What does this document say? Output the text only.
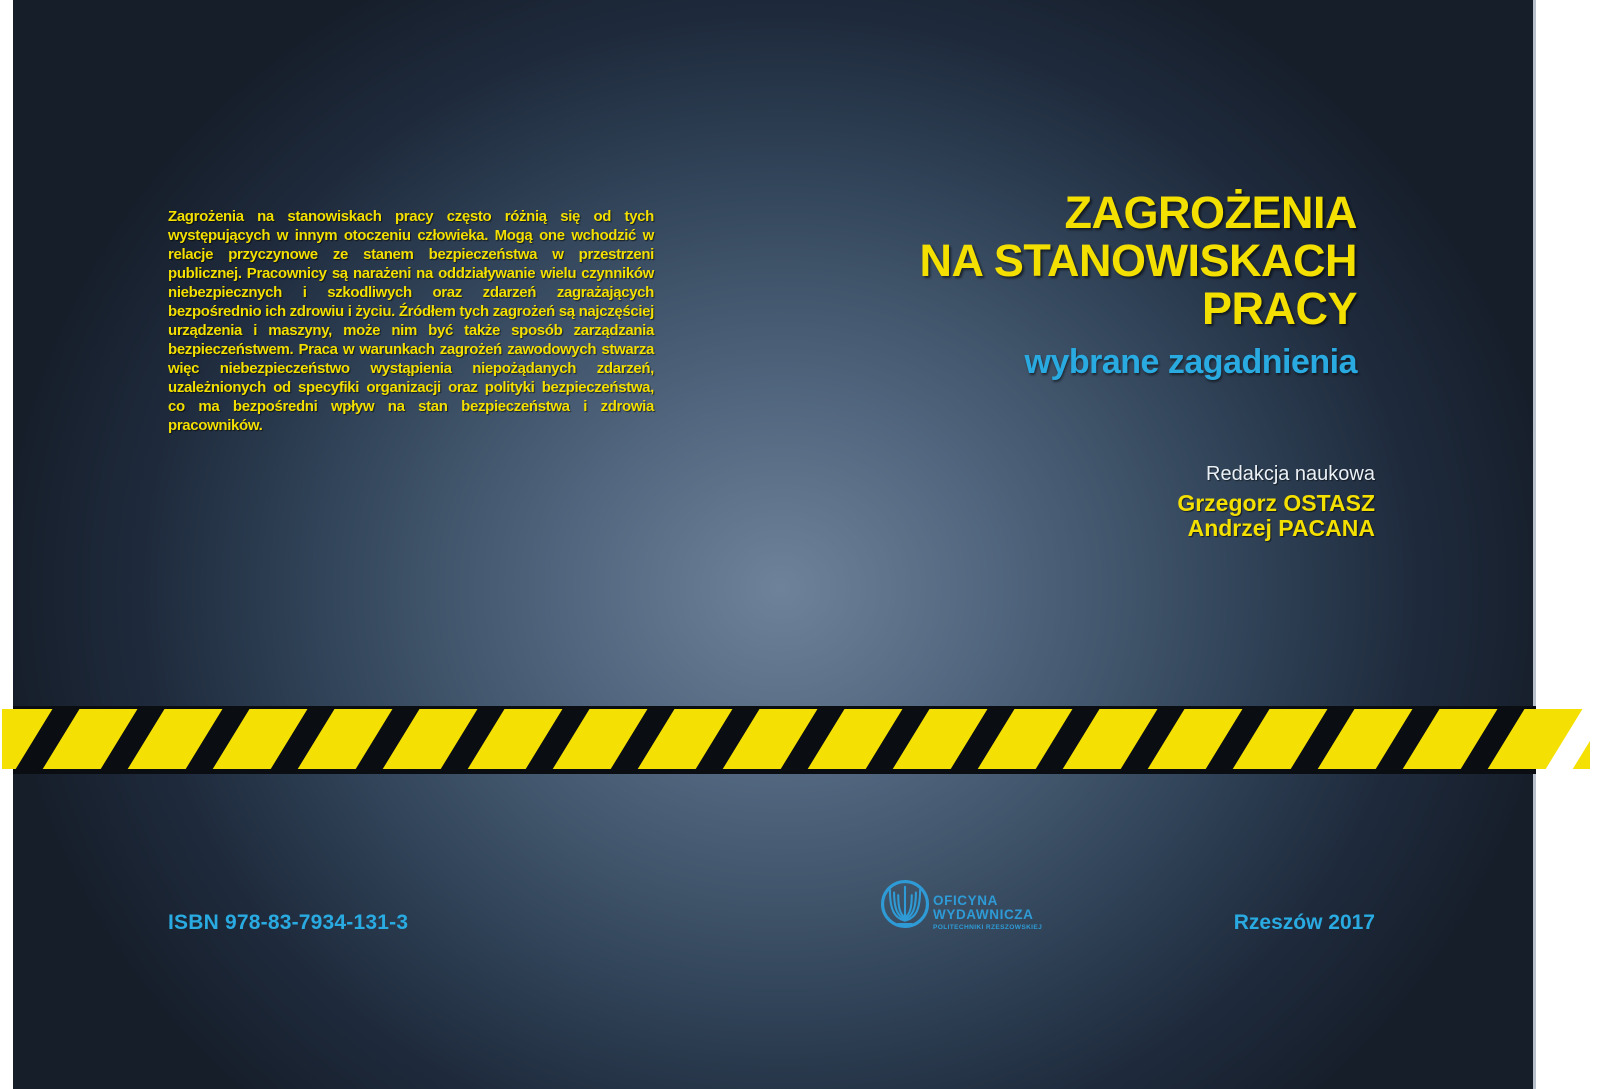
Zagrożenia na stanowiskach pracy często różnią się od tych występujących w innym otoczeniu człowieka. Mogą one wchodzić w relacje przyczynowe ze stanem bezpieczeństwa w przestrzeni publicznej. Pracownicy są narażeni na oddziaływanie wielu czynników niebezpiecznych i szkodliwych oraz zdarzeń zagrażających bezpośrednio ich zdrowiu i życiu. Źródłem tych zagrożeń są najczęściej urządzenia i maszyny, może nim być także sposób zarządzania bezpieczeństwem. Praca w warunkach zagrożeń zawodowych stwarza więc niebezpieczeństwo wystąpienia niepożądanych zdarzeń, uzależnionych od specyfiki organizacji oraz polityki bezpieczeństwa, co ma bezpośredni wpływ na stan bezpieczeństwa i zdrowia pracowników.

ZAGROŻENIA
NA STANOWISKACH
PRACY
wybrane zagadnienia
Redakcja naukowa
Grzegorz OSTASZ
Andrzej PACANA
ISBN 978-83-7934-131-3
OFICYNA
WYDAWNICZA
POLITECHNIKI RZESZOWSKIEJ	Rzeszów 2017
